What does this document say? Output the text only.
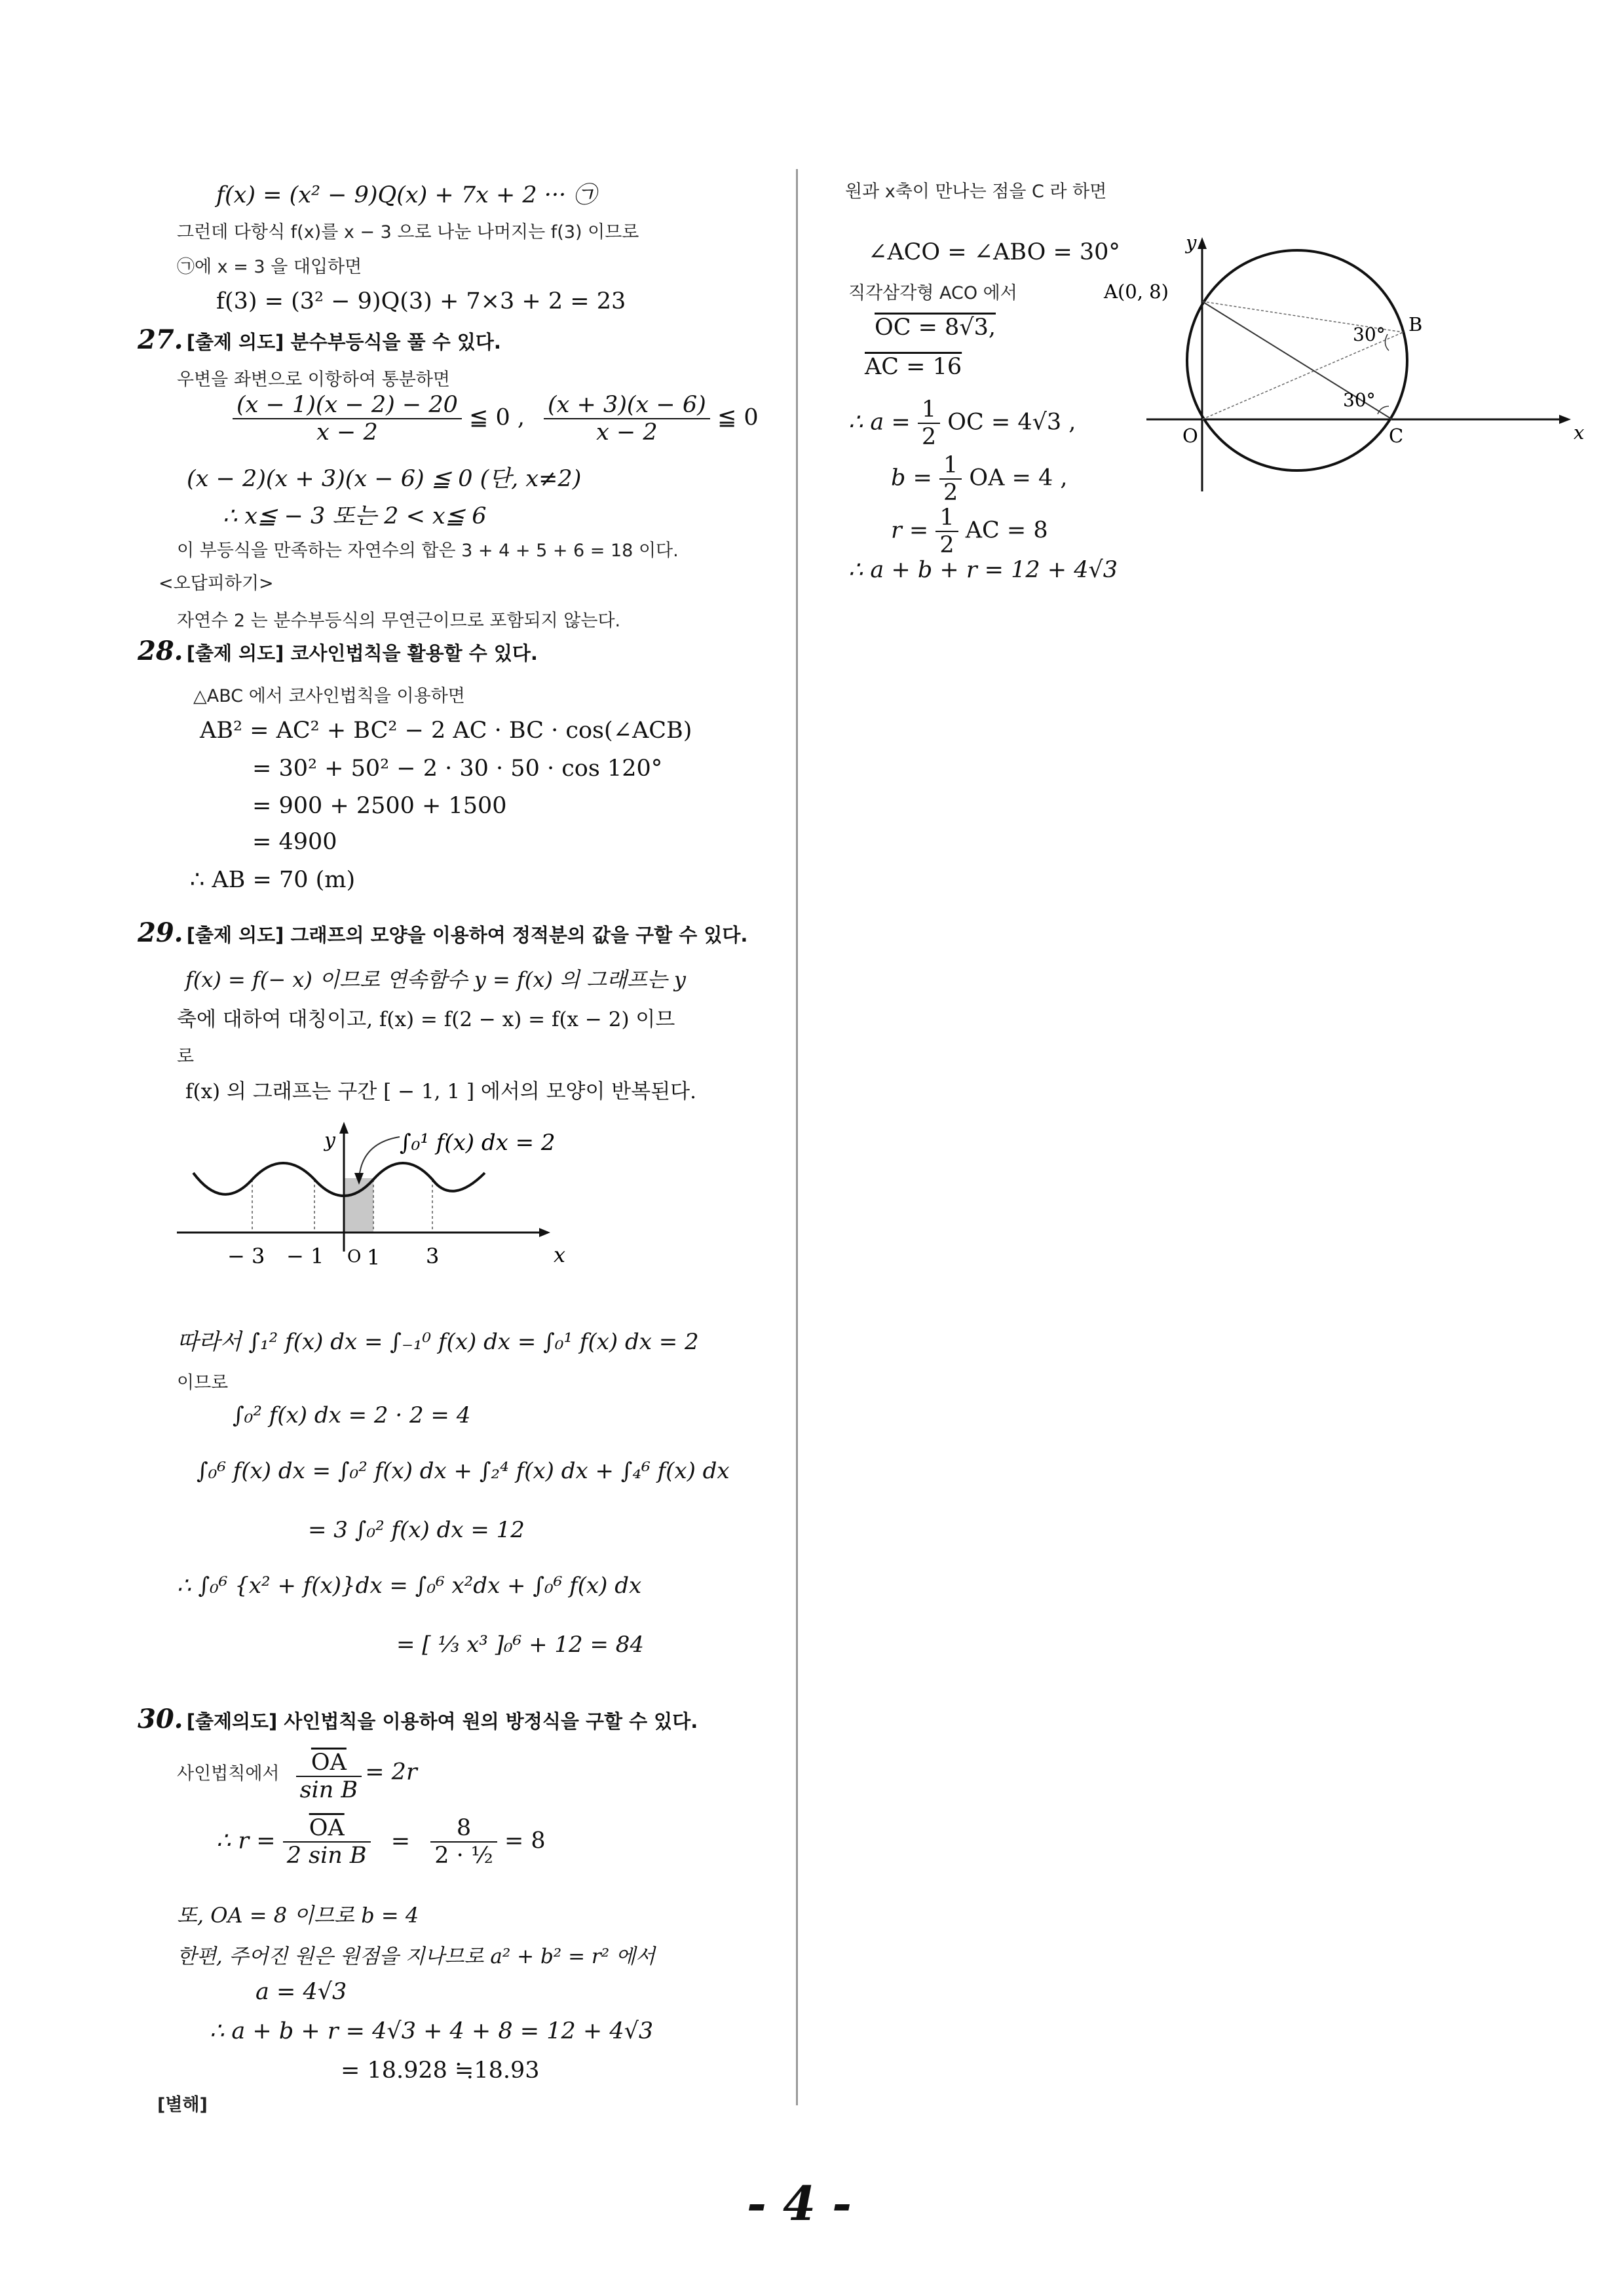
f(x) = (x² − 9)Q(x) + 7x + 2 ··· ㉠
그런데 다항식 f(x)를 x − 3 으로 나눈 나머지는 f(3) 이므로
㉠에 x = 3 을 대입하면
f(3) = (3² − 9)Q(3) + 7×3 + 2 = 23
27. [출제 의도] 분수부등식을 풀 수 있다.
우변을 좌변으로 이항하여 통분하면
$\frac{(x - 1)(x - 2) - 20}{x - 2}$ ≦ 0 , $\frac{(x + 3)(x - 6)}{x - 2}$ ≦ 0
(x − 2)(x + 3)(x − 6) ≦ 0 (단, x≠2)
∴ x≦ − 3 또는 2 < x≦ 6
이 부등식을 만족하는 자연수의 합은 3 + 4 + 5 + 6 = 18 이다.
<오답피하기>
자연수 2 는 분수부등식의 무연근이므로 포함되지 않는다.
28. [출제 의도] 코사인법칙을 활용할 수 있다.
△ABC 에서 코사인법칙을 이용하면
AB² = AC² + BC² − 2 AC · BC · cos(∠ACB)
= 30² + 50² − 2 · 30 · 50 · cos 120°
= 900 + 2500 + 1500
= 4900
∴ AB = 70 (m)
29. [출제 의도] 그래프의 모양을 이용하여 정적분의 값을 구할 수 있다.
f(x) = f(− x) 이므로 연속함수 y = f(x) 의 그래프는 y
축에 대하여 대칭이고, f(x) = f(2 − x) = f(x − 2) 이므
로
f(x) 의 그래프는 구간 [ − 1, 1 ] 에서의 모양이 반복된다.
∫₀¹ f(x) dx = 2
y
x
− 3 − 1 O 1 3
따라서 ∫₁² f(x) dx = ∫₋₁⁰ f(x) dx = ∫₀¹ f(x) dx = 2
이므로
∫₀² f(x) dx = 2 · 2 = 4
∫₀⁶ f(x) dx = ∫₀² f(x) dx + ∫₂⁴ f(x) dx + ∫₄⁶ f(x) dx
= 3 ∫₀² f(x) dx = 12
∴ ∫₀⁶ {x² + f(x)}dx = ∫₀⁶ x²dx + ∫₀⁶ f(x) dx
= [ ⅓ x³ ]₀⁶ + 12 = 84
30. [출제의도] 사인법칙을 이용하여 원의 방정식을 구할 수 있다.
사인법칙에서 $\frac{\overline{OA}}{\text{sin B}} = 2r$
∴ $r = \frac{\overline{OA}}{\text{2 sin B}} = \frac{8}{\text{2 · ½}} = 8$
또, OA = 8 이므로 b = 4
한편, 주어진 원은 원점을 지나므로 a² + b² = r² 에서
a = 4√3
∴ a + b + r = 4√3 + 4 + 8 = 12 + 4√3
= 18.928 ≒18.93
[별해]
원과 x축이 만나는 점을 C 라 하면
∠ACO = ∠ABO = 30°
직각삼각형 ACO 에서
OC = 8√3,
AC = 16
∴ $a = \frac{1}{2}$ OC = 4√3 ,
$b = \frac{1}{2}$ OA = 4 ,
$r = \frac{1}{2}$ AC = 8
∴ a + b + r = 12 + 4√3
A(0, 8)
B
C
O	x
y
30°
30°
- 4 -
